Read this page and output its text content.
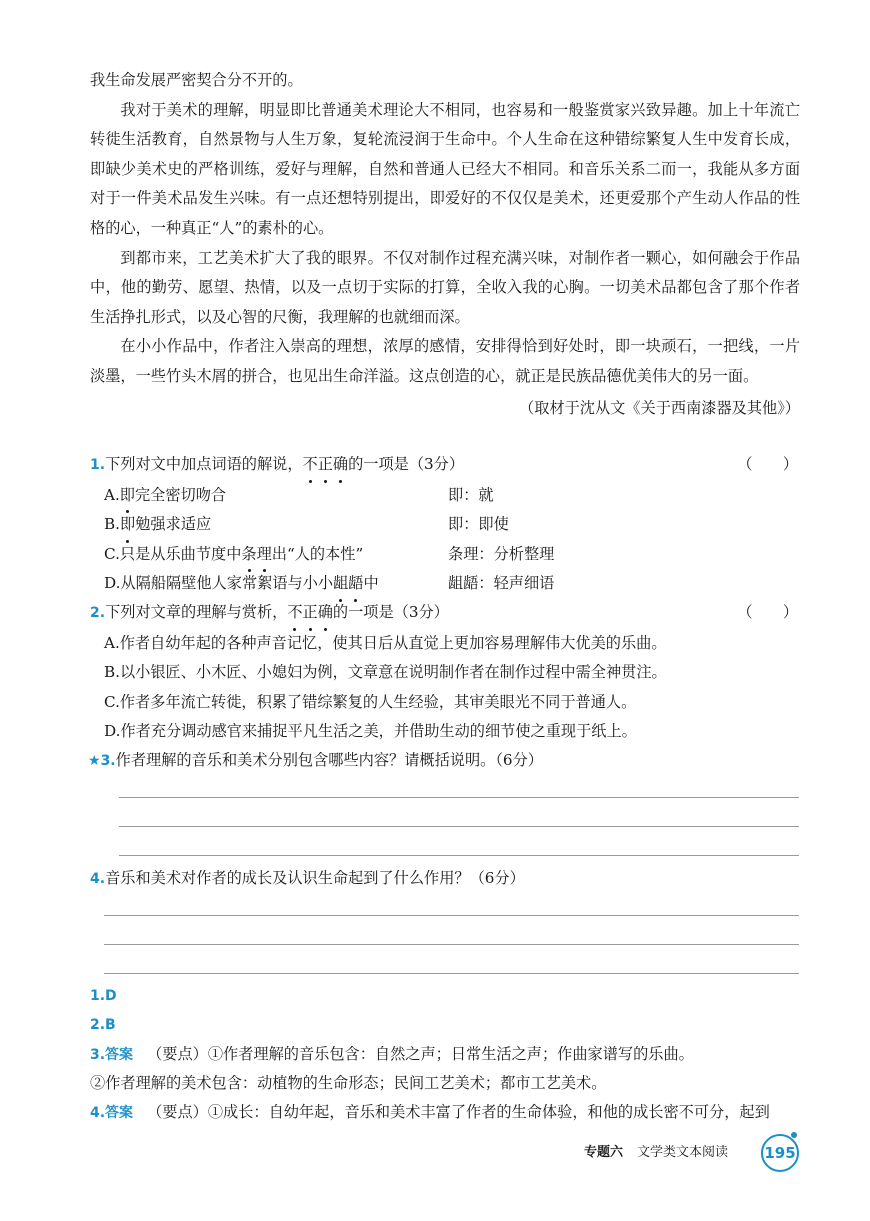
我生命发展严密契合分不开的。

我对于美术的理解，明显即比普通美术理论大不相同，也容易和一般鉴赏家兴致异趣。加上十年流亡转徙生活教育，自然景物与人生万象，复轮流浸润于生命中。个人生命在这种错综繁复人生中发育长成，即缺少美术史的严格训练，爱好与理解，自然和普通人已经大不相同。和音乐关系二而一，我能从多方面对于一件美术品发生兴味。有一点还想特别提出，即爱好的不仅仅是美术，还更爱那个产生动人作品的性格的心，一种真正“人”的素朴的心。

到都市来，工艺美术扩大了我的眼界。不仅对制作过程充满兴味，对制作者一颗心，如何融会于作品中，他的勤劳、愿望、热情，以及一点切于实际的打算，全收入我的心胸。一切美术品都包含了那个作者生活挣扎形式，以及心智的尺衡，我理解的也就细而深。

在小小作品中，作者注入崇高的理想，浓厚的感情，安排得恰到好处时，即一块顽石，一把线，一片淡墨，一些竹头木屑的拼合，也见出生命洋溢。这点创造的心，就正是民族品德优美伟大的另一面。

（取材于沈从文《关于西南漆器及其他》）
1.下列对文中加点词语的解说，不正确的一项是（3分）	（　　）
A.即完全密切吻合	即：就
B.即勉强求适应	即：即使
C.只是从乐曲节度中条理出“人的本性”	条理：分析整理
D.从隔船隔壁他人家常絮语与小小龃龉中	龃龉：轻声细语
2.下列对文章的理解与赏析，不正确的一项是（3分）	（　　）
A.作者自幼年起的各种声音记忆，使其日后从直觉上更加容易理解伟大优美的乐曲。
B.以小银匠、小木匠、小媳妇为例，文章意在说明制作者在制作过程中需全神贯注。
C.作者多年流亡转徙，积累了错综繁复的人生经验，其审美眼光不同于普通人。
D.作者充分调动感官来捕捉平凡生活之美，并借助生动的细节使之重现于纸上。
★3.作者理解的音乐和美术分别包含哪些内容？请概括说明。（6分）
4.音乐和美术对作者的成长及认识生命起到了什么作用？（6分）
1.D
2.B
3.答案 （要点）①作者理解的音乐包含：自然之声；日常生活之声；作曲家谱写的乐曲。
②作者理解的美术包含：动植物的生命形态；民间工艺美术；都市工艺美术。
4.答案 （要点）①成长：自幼年起，音乐和美术丰富了作者的生命体验，和他的成长密不可分，起到
专题六 文学类文本阅读 195
